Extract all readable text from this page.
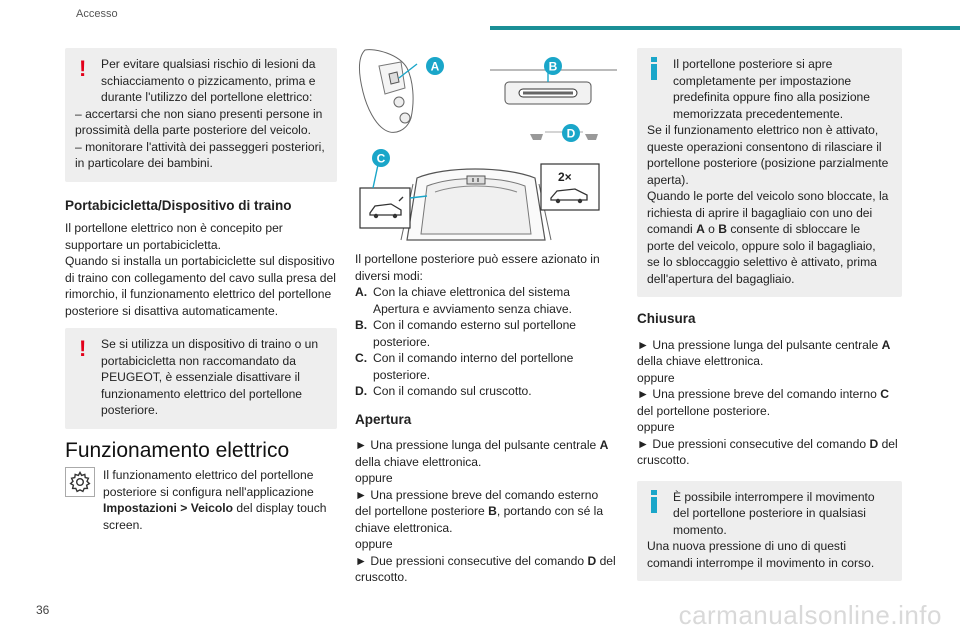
Accesso
!	Per evitare qualsiasi rischio di lesioni da schiacciamento o pizzicamento, prima e durante l'utilizzo del portellone elettrico:

– accertarsi che non siano presenti persone in prossimità della parte posteriore del veicolo.

– monitorare l'attività dei passeggeri posteriori, in particolare dei bambini.

Portabicicletta/Dispositivo di traino

Il portellone elettrico non è concepito per supportare un portabicicletta.

Quando si installa un portabiciclette sul dispositivo di traino con collegamento del cavo sulla presa del rimorchio, il funzionamento elettrico del portellone posteriore si disattiva automaticamente.

!	Se si utilizza un dispositivo di traino o un portabicicletta non raccomandato da PEUGEOT, è essenziale disattivare il funzionamento elettrico del portellone posteriore.

Funzionamento elettrico
Il funzionamento elettrico del portellone posteriore si configura nell'applicazione Impostazioni > Veicolo del display touch screen.
2×
A	B
C
D

Il portellone posteriore può essere azionato in diversi modi:

A. Con la chiave elettronica del sistema Apertura e avviamento senza chiave.
B. Con il comando esterno sul portellone posteriore.
C. Con il comando interno del portellone posteriore.
D. Con il comando sul cruscotto.
Apertura

► Una pressione lunga del pulsante centrale A della chiave elettronica.

oppure

► Una pressione breve del comando esterno del portellone posteriore B, portando con sé la chiave elettronica.

oppure

► Due pressioni consecutive del comando D del cruscotto.

Il portellone posteriore si apre completamente per impostazione predefinita oppure fino alla posizione memorizzata precedentemente.

Se il funzionamento elettrico non è attivato, queste operazioni consentono di rilasciare il portellone posteriore (posizione parzialmente aperta).

Quando le porte del veicolo sono bloccate, la richiesta di aprire il bagagliaio con uno dei comandi A o B consente di sbloccare le porte del veicolo, oppure solo il bagagliaio, se lo sbloccaggio selettivo è attivato, prima dell'apertura del bagagliaio.

Chiusura

► Una pressione lunga del pulsante centrale A della chiave elettronica.

oppure

► Una pressione breve del comando interno C del portellone posteriore.

oppure

► Due pressioni consecutive del comando D del cruscotto.

È possibile interrompere il movimento del portellone posteriore in qualsiasi momento.

Una nuova pressione di uno di questi comandi interrompe il movimento in corso.

36	carmanualsonline.info
